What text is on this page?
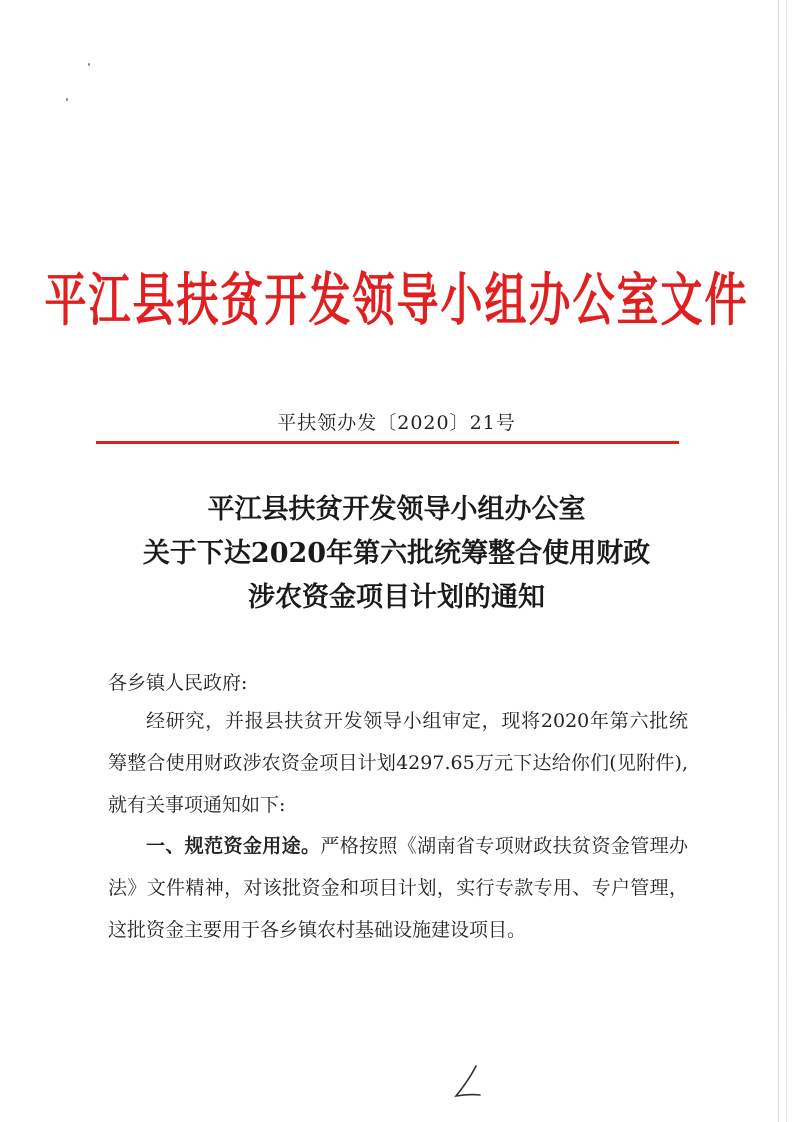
平江县扶贫开发领导小组办公室文件
平扶领办发〔2020〕21号
平江县扶贫开发领导小组办公室
关于下达2020年第六批统筹整合使用财政
涉农资金项目计划的通知
各乡镇人民政府:
经研究，并报县扶贫开发领导小组审定，现将2020年第六批统筹整合使用财政涉农资金项目计划4297.65万元下达给你们(见附件),就有关事项通知如下:
一、规范资金用途。严格按照《湖南省专项财政扶贫资金管理办法》文件精神，对该批资金和项目计划，实行专款专用、专户管理，这批资金主要用于各乡镇农村基础设施建设项目。
